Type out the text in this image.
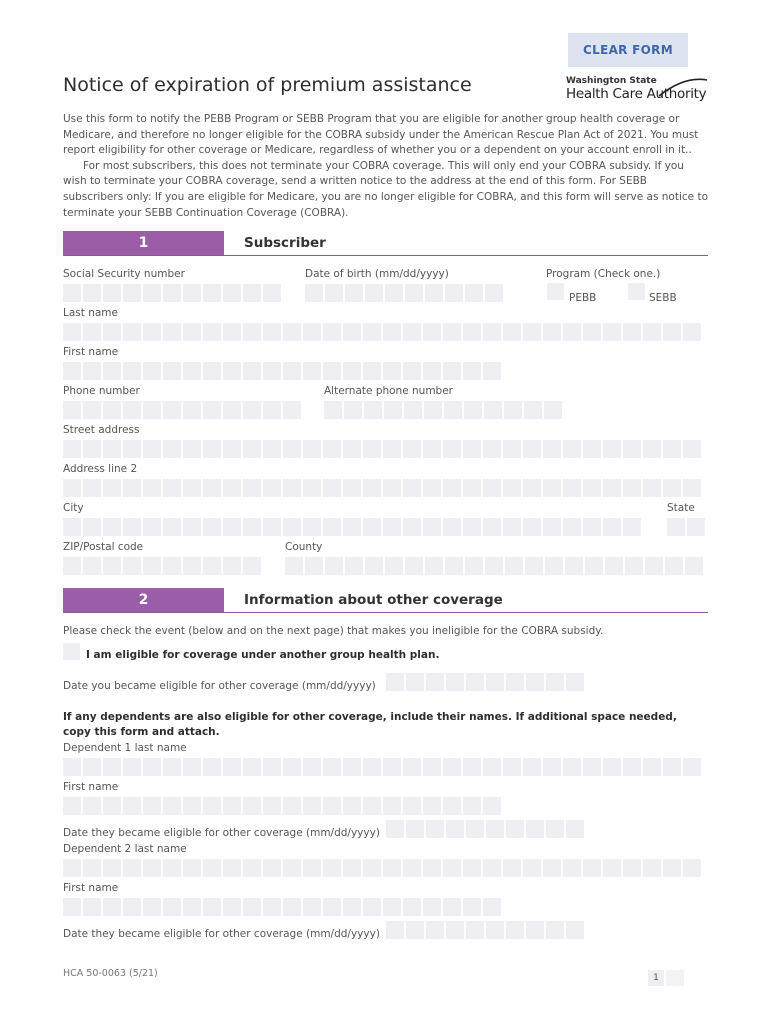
CLEAR FORM
Notice of expiration of premium assistance	Washington State
Health Care Authority

Use this form to notify the PEBB Program or SEBB Program that you are eligible for another group health coverage or Medicare, and therefore no longer eligible for the COBRA subsidy under the American Rescue Plan Act of 2021. You must report eligibility for other coverage or Medicare, regardless of whether you or a dependent on your account enroll in it..

For most subscribers, this does not terminate your COBRA coverage. This will only end your COBRA subsidy. If you wish to terminate your COBRA coverage, send a written notice to the address at the end of this form. For SEBB subscribers only: If you are eligible for Medicare, you are no longer eligible for COBRA, and this form will serve as notice to terminate your SEBB Continuation Coverage (COBRA).

1	Subscriber
Social Security number	Date of birth (mm/dd/yyyy)	Program (Check one.)
PEBB	SEBB
Last name
First name
Phone number	Alternate phone number
Street address
Address line 2
City	State
ZIP/Postal code	County
2	Information about other coverage
Please check the event (below and on the next page) that makes you ineligible for the COBRA subsidy.
I am eligible for coverage under another group health plan.
Date you became eligible for other coverage (mm/dd/yyyy)
If any dependents are also eligible for other coverage, include their names. If additional space needed, copy this form and attach.
Dependent 1 last name
First name
Date they became eligible for other coverage (mm/dd/yyyy)
Dependent 2 last name
First name
Date they became eligible for other coverage (mm/dd/yyyy)
HCA 50-0063 (5/21)	1
